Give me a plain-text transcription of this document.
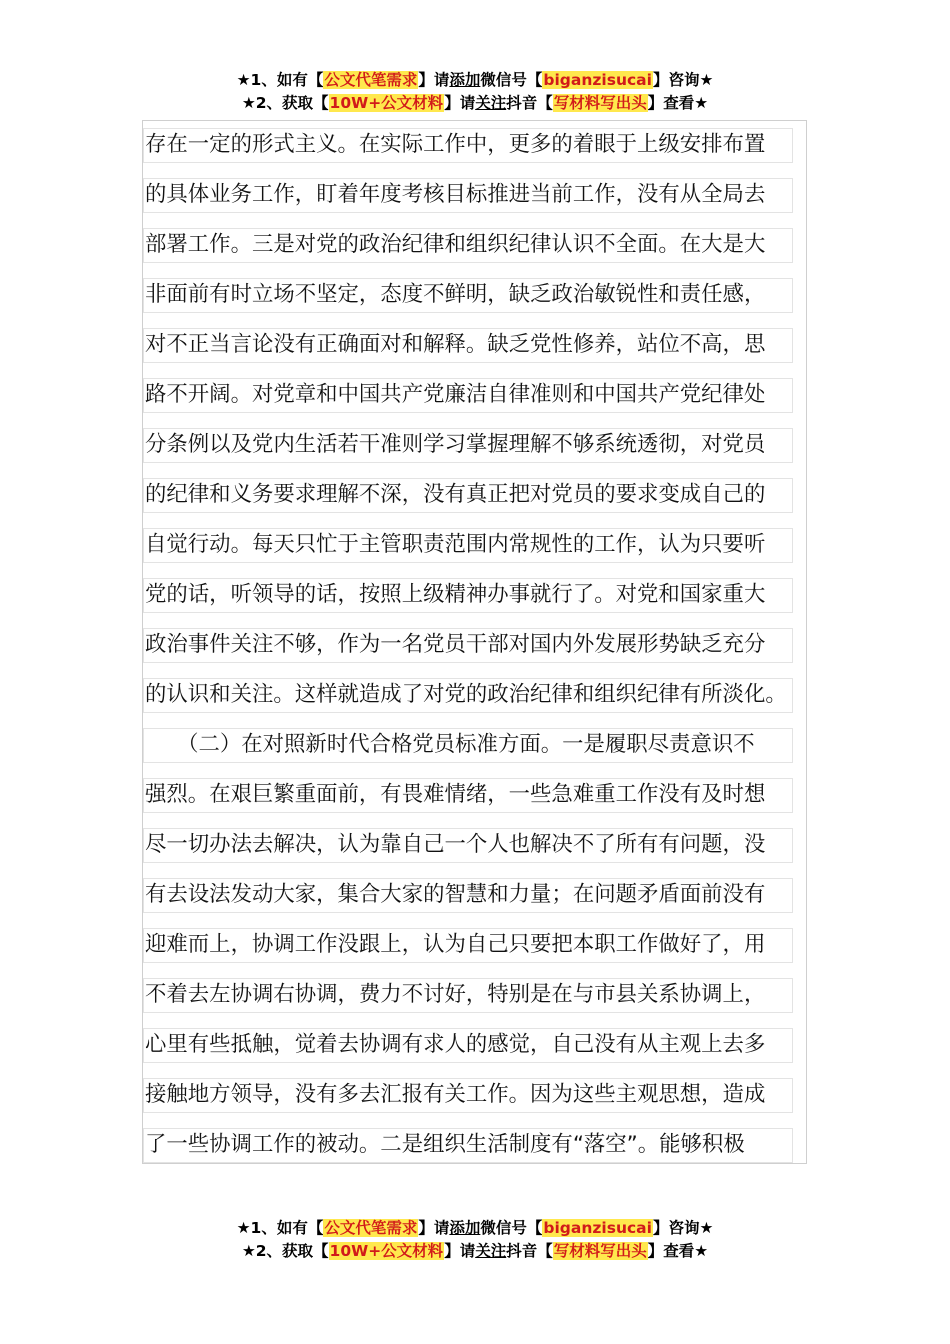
★1、如有【公文代笔需求】请添加微信号【biganzisucai】咨询★
★2、获取【10W+公文材料】请关注抖音【写材料写出头】查看★
存在一定的形式主义。在实际工作中，更多的着眼于上级安排布置
的具体业务工作，盯着年度考核目标推进当前工作，没有从全局去
部署工作。三是对党的政治纪律和组织纪律认识不全面。在大是大
非面前有时立场不坚定，态度不鲜明，缺乏政治敏锐性和责任感，
对不正当言论没有正确面对和解释。缺乏党性修养，站位不高，思
路不开阔。对党章和中国共产党廉洁自律准则和中国共产党纪律处
分条例以及党内生活若干准则学习掌握理解不够系统透彻，对党员
的纪律和义务要求理解不深，没有真正把对党员的要求变成自己的
自觉行动。每天只忙于主管职责范围内常规性的工作，认为只要听
党的话，听领导的话，按照上级精神办事就行了。对党和国家重大
政治事件关注不够，作为一名党员干部对国内外发展形势缺乏充分
的认识和关注。这样就造成了对党的政治纪律和组织纪律有所淡化。
　　（二）在对照新时代合格党员标准方面。一是履职尽责意识不
强烈。在艰巨繁重面前，有畏难情绪，一些急难重工作没有及时想
尽一切办法去解决，认为靠自己一个人也解决不了所有有问题，没
有去设法发动大家，集合大家的智慧和力量；在问题矛盾面前没有
迎难而上，协调工作没跟上，认为自己只要把本职工作做好了，用
不着去左协调右协调，费力不讨好，特别是在与市县关系协调上，
心里有些抵触，觉着去协调有求人的感觉，自己没有从主观上去多
接触地方领导，没有多去汇报有关工作。因为这些主观思想，造成
了一些协调工作的被动。二是组织生活制度有“落空”。能够积极
★1、如有【公文代笔需求】请添加微信号【biganzisucai】咨询★
★2、获取【10W+公文材料】请关注抖音【写材料写出头】查看★
